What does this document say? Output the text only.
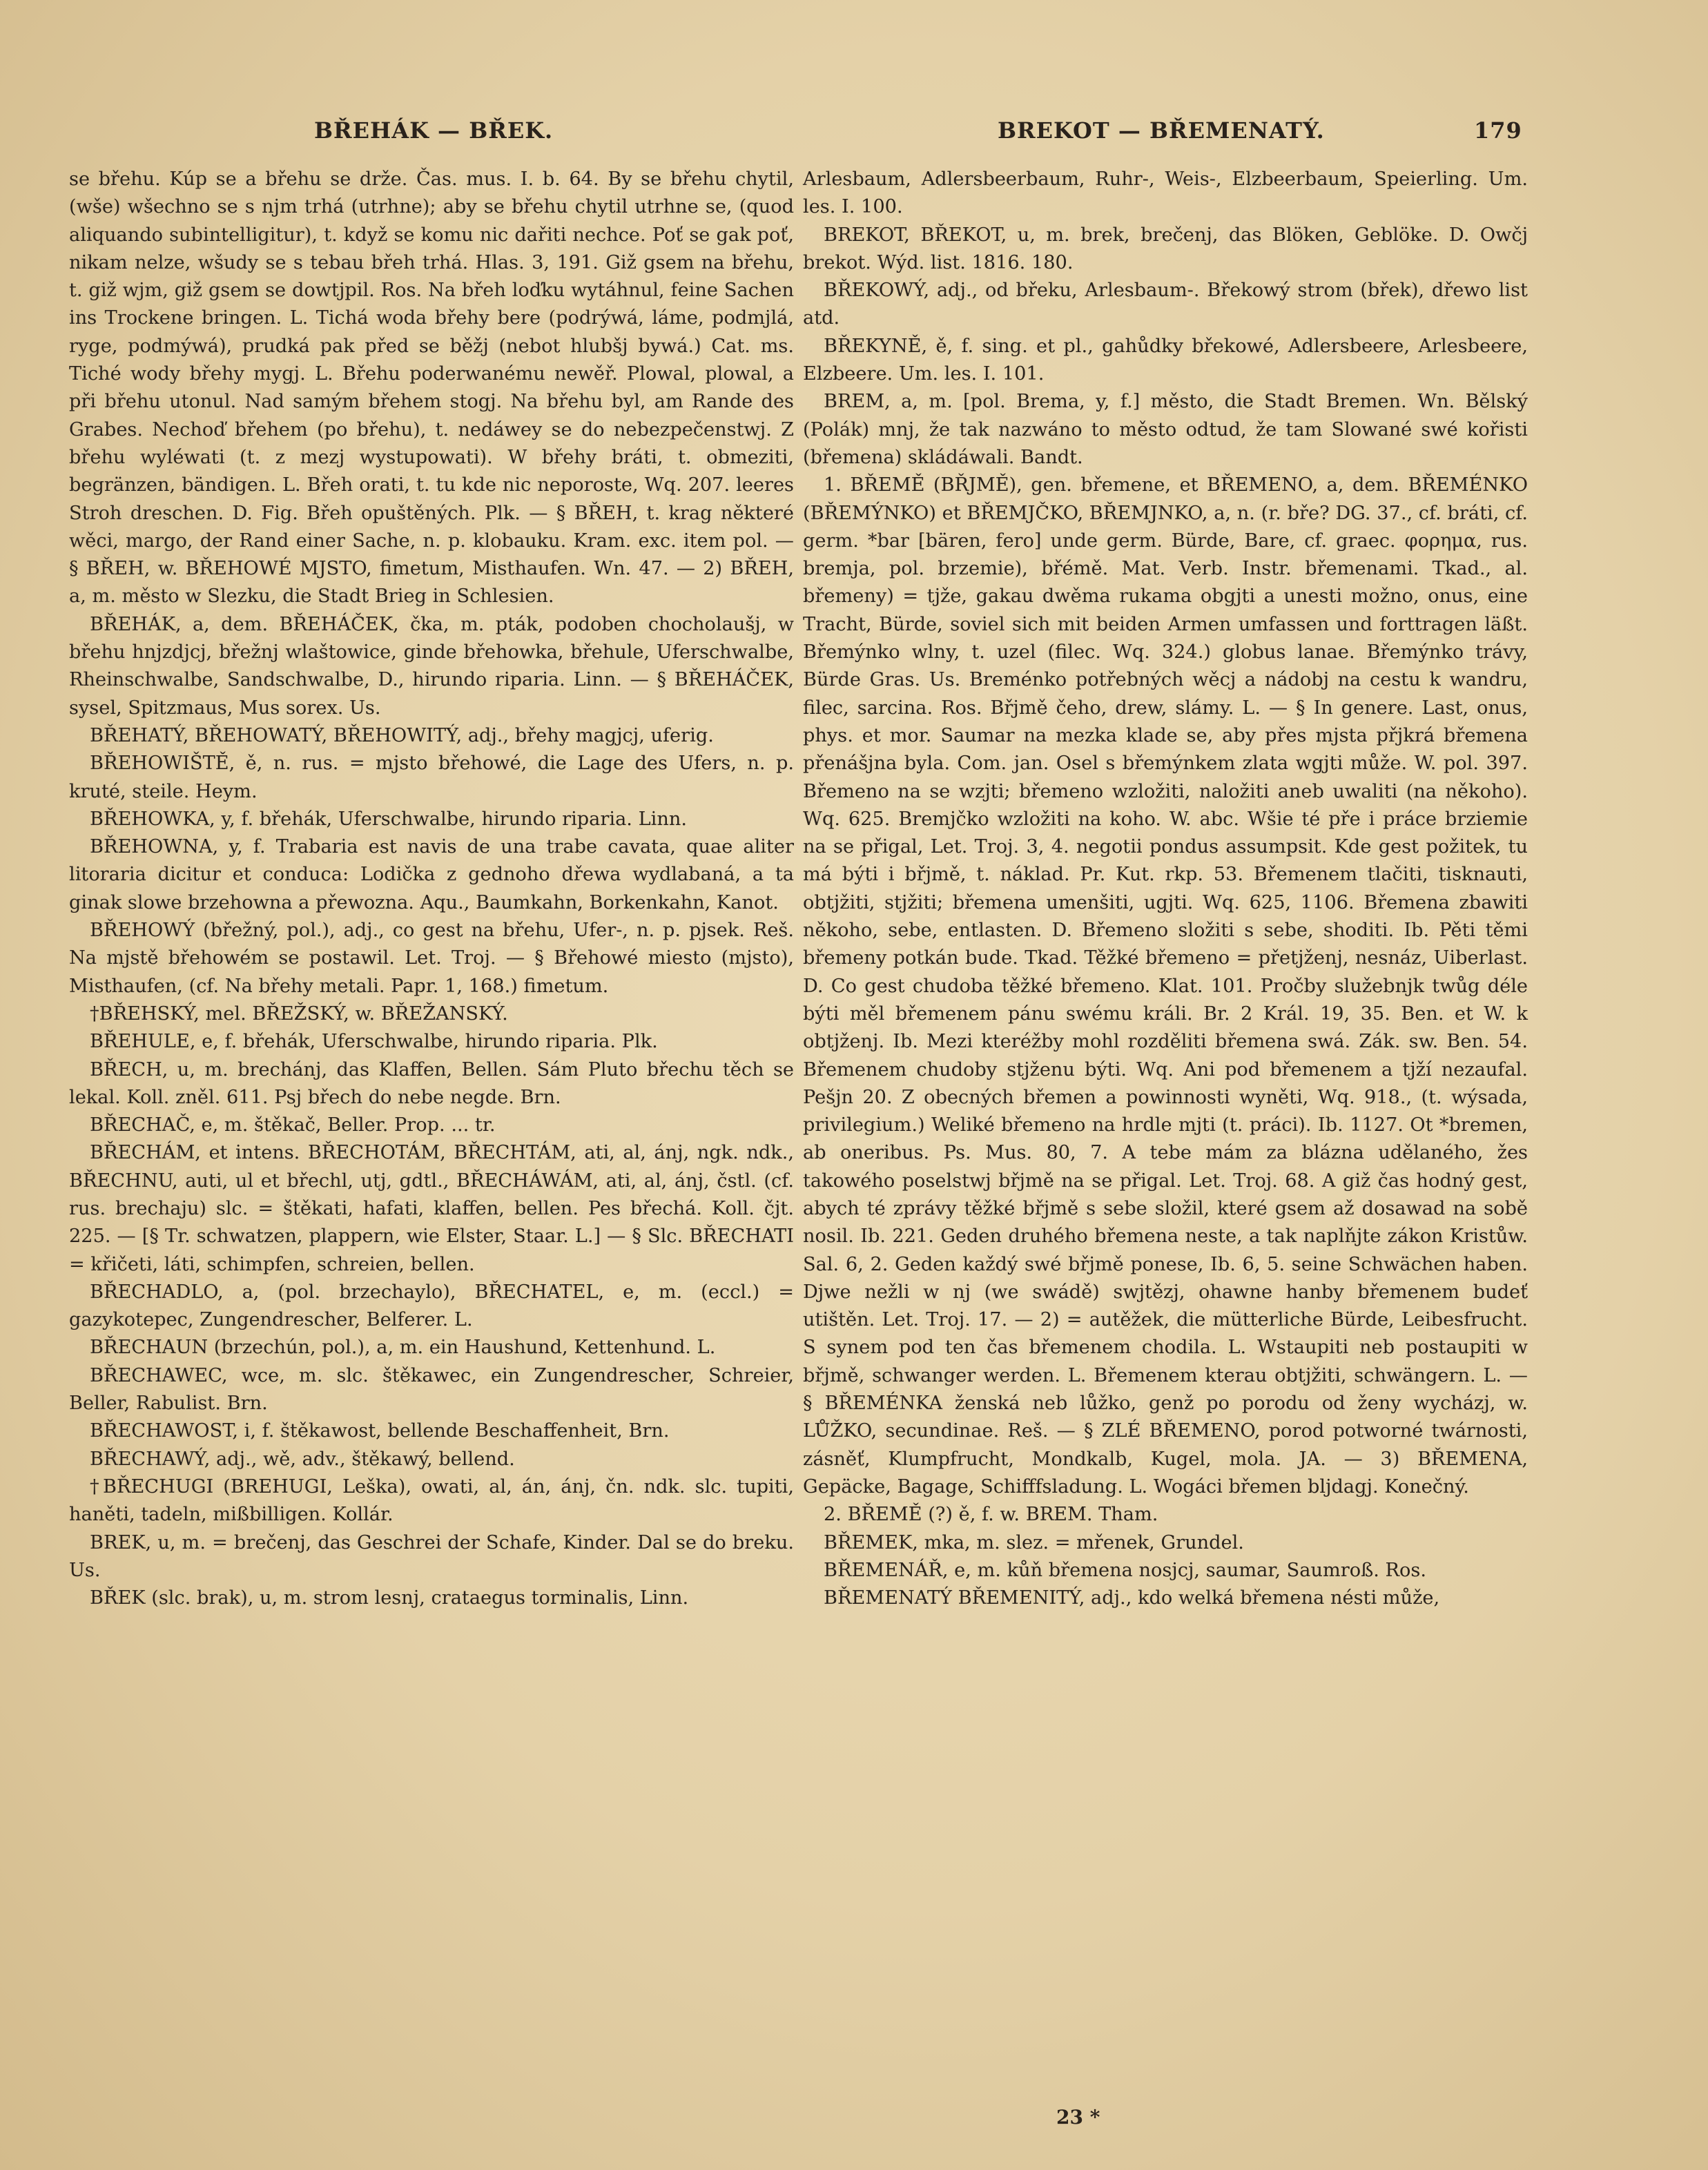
BŘEHÁK — BŘEK.	BREKOT — BŘEMENATÝ.	179

se břehu. Kúp se a břehu se drže. Čas. mus. I. b. 64. By se břehu chytil, (wše) wšechno se s njm trhá (utrhne); aby se břehu chytil utrhne se, (quod aliquando subintelligitur), t. když se komu nic dařiti nechce. Poť se gak poť, nikam nelze, wšudy se s tebau břeh trhá. Hlas. 3, 191. Giž gsem na břehu, t. giž wjm, giž gsem se dowtjpil. Ros. Na břeh loďku wytáhnul, feine Sachen ins Trockene bringen. L. Tichá woda břehy bere (podrýwá, láme, podmjlá, ryge, podmýwá), prudká pak před se běžj (nebot hlubšj bywá.) Cat. ms. Tiché wody břehy mygj. L. Břehu poderwanému newěř. Plowal, plowal, a při břehu utonul. Nad samým břehem stogj. Na břehu byl, am Rande des Grabes. Nechoď břehem (po břehu), t. nedáwey se do nebezpečenstwj. Z břehu wyléwati (t. z mezj wystupowati). W břehy bráti, t. obmeziti, begränzen, bändigen. L. Břeh orati, t. tu kde nic neporoste, Wq. 207. leeres Stroh dreschen. D. Fig. Břeh opuštěných. Plk. — § BŘEH, t. krag některé wěci, margo, der Rand einer Sache, n. p. klobauku. Kram. exc. item pol. — § BŘEH, w. BŘEHOWÉ MJSTO, fimetum, Misthaufen. Wn. 47. — 2) BŘEH, a, m. město w Slezku, die Stadt Brieg in Schlesien.

BŘEHÁK, a, dem. BŘEHÁČEK, čka, m. pták, podoben chocholaušj, w břehu hnjzdjcj, břežnj wlaštowice, ginde břehowka, břehule, Uferschwalbe, Rheinschwalbe, Sandschwalbe, D., hirundo riparia. Linn. — § BŘEHÁČEK, sysel, Spitzmaus, Mus sorex. Us.

BŘEHATÝ, BŘEHOWATÝ, BŘEHOWITÝ, adj., břehy magjcj, uferig.

BŘEHOWIŠTĚ, ě, n. rus. = mjsto břehowé, die Lage des Ufers, n. p. kruté, steile. Heym.

BŘEHOWKA, y, f. břehák, Uferschwalbe, hirundo riparia. Linn.

BŘEHOWNA, y, f. Trabaria est navis de una trabe cavata, quae aliter litoraria dicitur et conduca: Lodička z gednoho dřewa wydlabaná, a ta ginak slowe brzehowna a přewozna. Aqu., Baumkahn, Borkenkahn, Kanot.

BŘEHOWÝ (břežný, pol.), adj., co gest na břehu, Ufer-, n. p. pjsek. Reš. Na mjstě břehowém se postawil. Let. Troj. — § Břehowé miesto (mjsto), Misthaufen, (cf. Na břehy metali. Papr. 1, 168.) fimetum.

†BŘEHSKÝ, mel. BŘEŽSKÝ, w. BŘEŽANSKÝ.

BŘEHULE, e, f. břehák, Uferschwalbe, hirundo riparia. Plk.

BŘECH, u, m. brechánj, das Klaffen, Bellen. Sám Pluto břechu těch se lekal. Koll. zněl. 611. Psj břech do nebe negde. Brn.

BŘECHAČ, e, m. štěkač, Beller. Prop. ... tr.

BŘECHÁM, et intens. BŘECHOTÁM, BŘECHTÁM, ati, al, ánj, ngk. ndk., BŘECHNU, auti, ul et břechl, utj, gdtl., BŘECHÁWÁM, ati, al, ánj, čstl. (cf. rus. brechaju) slc. = štěkati, hafati, klaffen, bellen. Pes břechá. Koll. čjt. 225. — [§ Tr. schwatzen, plappern, wie Elster, Staar. L.] — § Slc. BŘECHATI = křičeti, láti, schimpfen, schreien, bellen.

BŘECHADLO, a, (pol. brzechaylo), BŘECHATEL, e, m. (eccl.) = gazykotepec, Zungendrescher, Belferer. L.

BŘECHAUN (brzechún, pol.), a, m. ein Haushund, Kettenhund. L.

BŘECHAWEC, wce, m. slc. štěkawec, ein Zungendrescher, Schreier, Beller, Rabulist. Brn.

BŘECHAWOST, i, f. štěkawost, bellende Beschaffenheit, Brn.

BŘECHAWÝ, adj., wě, adv., štěkawý, bellend.

†BŘECHUGI (BREHUGI, Leška), owati, al, án, ánj, čn. ndk. slc. tupiti, haněti, tadeln, mißbilligen. Kollár.

BREK, u, m. = brečenj, das Geschrei der Schafe, Kinder. Dal se do breku. Us.

BŘEK (slc. brak), u, m. strom lesnj, crataegus torminalis, Linn.

Arlesbaum, Adlersbeerbaum, Ruhr-, Weis-, Elzbeerbaum, Speierling. Um. les. I. 100.

BREKOT, BŘEKOT, u, m. brek, brečenj, das Blöken, Geblöke. D. Owčj brekot. Wýd. list. 1816. 180.

BŘEKOWÝ, adj., od břeku, Arlesbaum-. Břekowý strom (břek), dřewo list atd.

BŘEKYNĚ, ě, f. sing. et pl., gahůdky břekowé, Adlersbeere, Arlesbeere, Elzbeere. Um. les. I. 101.

BREM, a, m. [pol. Brema, y, f.] město, die Stadt Bremen. Wn. Bělský (Polák) mnj, že tak nazwáno to město odtud, že tam Slowané swé kořisti (břemena) skládáwali. Bandt.

1. BŘEMĚ (BŘJMĚ), gen. břemene, et BŘEMENO, a, dem. BŘEMÉNKO (BŘEMÝNKO) et BŘEMJČKO, BŘEMJNKO, a, n. (r. bře? DG. 37., cf. bráti, cf. germ. *bar [bären, fero] unde germ. Bürde, Bare, cf. graec. φορημα, rus. bremja, pol. brzemie), břémě. Mat. Verb. Instr. břemenami. Tkad., al. břemeny) = tjže, gakau dwěma rukama obgjti a unesti možno, onus, eine Tracht, Bürde, soviel sich mit beiden Armen umfassen und forttragen läßt. Břemýnko wlny, t. uzel (filec. Wq. 324.) globus lanae. Břemýnko trávy, Bürde Gras. Us. Breménko potřebných wěcj a nádobj na cestu k wandru, filec, sarcina. Ros. Břjmě čeho, drew, slámy. L. — § In genere. Last, onus, phys. et mor. Saumar na mezka klade se, aby přes mjsta přjkrá břemena přenášjna byla. Com. jan. Osel s břemýnkem zlata wgjti může. W. pol. 397. Břemeno na se wzjti; břemeno wzložiti, naložiti aneb uwaliti (na někoho). Wq. 625. Bremjčko wzložiti na koho. W. abc. Wšie té pře i práce brziemie na se přigal, Let. Troj. 3, 4. negotii pondus assumpsit. Kde gest požitek, tu má býti i břjmě, t. náklad. Pr. Kut. rkp. 53. Břemenem tlačiti, tisknauti, obtjžiti, stjžiti; břemena umenšiti, ugjti. Wq. 625, 1106. Břemena zbawiti někoho, sebe, entlasten. D. Břemeno složiti s sebe, shoditi. Ib. Pěti těmi břemeny potkán bude. Tkad. Těžké břemeno = přetjženj, nesnáz, Uiberlast. D. Co gest chudoba těžké břemeno. Klat. 101. Pročby služebnjk twůg déle býti měl břemenem pánu swému králi. Br. 2 Král. 19, 35. Ben. et W. k obtjženj. Ib. Mezi kteréžby mohl rozděliti břemena swá. Zák. sw. Ben. 54. Břemenem chudoby stjženu býti. Wq. Ani pod břemenem a tjží nezaufal. Pešjn 20. Z obecných břemen a powinnosti wyněti, Wq. 918., (t. wýsada, privilegium.) Weliké břemeno na hrdle mjti (t. práci). Ib. 1127. Ot *bremen, ab oneribus. Ps. Mus. 80, 7. A tebe mám za blázna udělaného, žes takowého poselstwj břjmě na se přigal. Let. Troj. 68. A giž čas hodný gest, abych té zprávy těžké břjmě s sebe složil, které gsem až dosawad na sobě nosil. Ib. 221. Geden druhého břemena neste, a tak naplňjte zákon Kristůw. Sal. 6, 2. Geden každý swé břjmě ponese, Ib. 6, 5. seine Schwächen haben. Djwe nežli w nj (we swádě) swjtězj, ohawne hanby břemenem budeť utištěn. Let. Troj. 17. — 2) = autěžek, die mütterliche Bürde, Leibesfrucht. S synem pod ten čas břemenem chodila. L. Wstaupiti neb postaupiti w břjmě, schwanger werden. L. Břemenem kterau obtjžiti, schwängern. L. — § BŘEMÉNKA ženská neb lůžko, genž po porodu od ženy wycházj, w. LŮŽKO, secundinae. Reš. — § ZLÉ BŘEMENO, porod potworné twárnosti, zásněť, Klumpfrucht, Mondkalb, Kugel, mola. JA. — 3) BŘEMENA, Gepäcke, Bagage, Schifffsladung. L. Wogáci břemen bljdagj. Konečný.

2. BŘEMĚ (?) ě, f. w. BREM. Tham.

BŘEMEK, mka, m. slez. = mřenek, Grundel.

BŘEMENÁŘ, e, m. kůň břemena nosjcj, saumar, Saumroß. Ros.

BŘEMENATÝ BŘEMENITÝ, adj., kdo welká břemena nésti může,

23 *
